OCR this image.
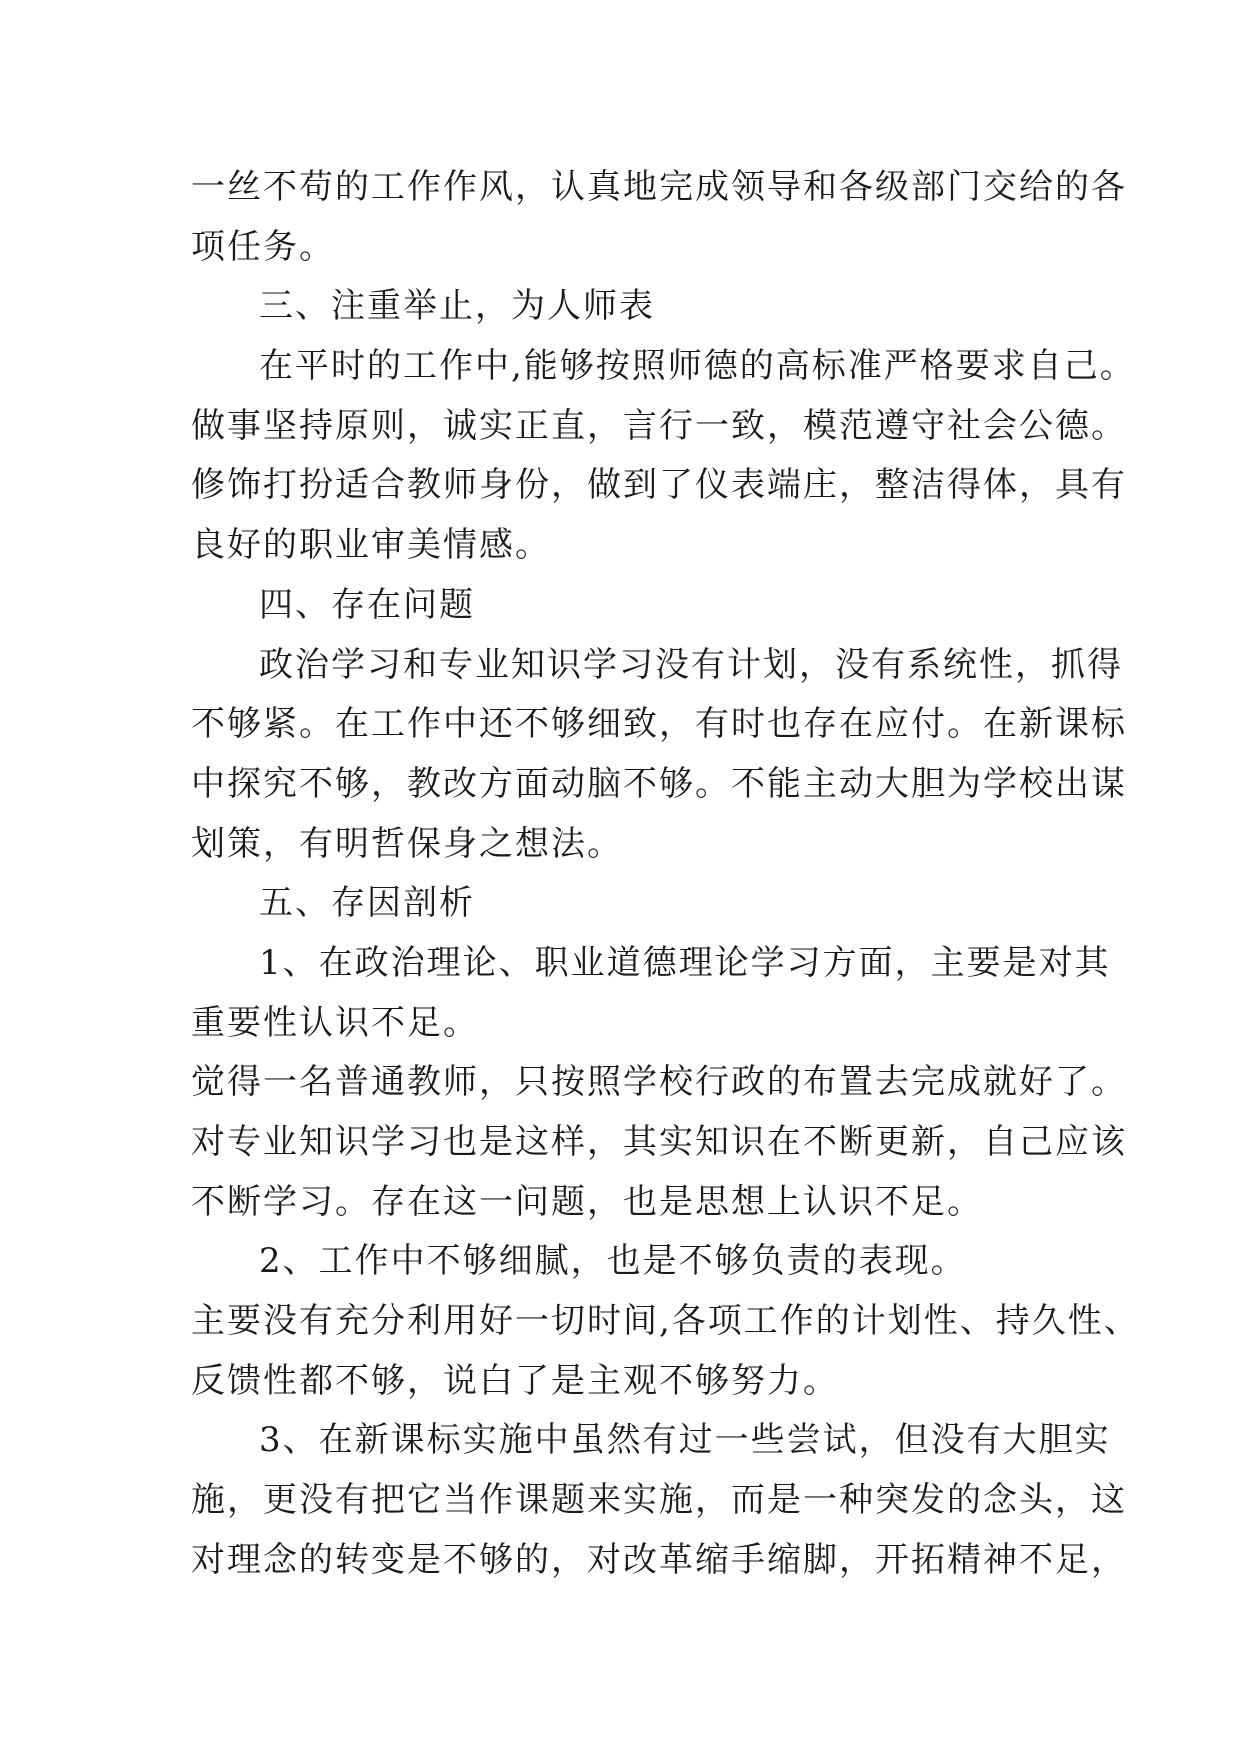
一丝不苟的工作作风，认真地完成领导和各级部门交给的各
项任务。
三、注重举止，为人师表
在平时的工作中,能够按照师德的高标准严格要求自己。
做事坚持原则，诚实正直，言行一致，模范遵守社会公德。
修饰打扮适合教师身份，做到了仪表端庄，整洁得体，具有
良好的职业审美情感。
四、存在问题
政治学习和专业知识学习没有计划，没有系统性，抓得
不够紧。在工作中还不够细致，有时也存在应付。在新课标
中探究不够，教改方面动脑不够。不能主动大胆为学校出谋
划策，有明哲保身之想法。
五、存因剖析
1、在政治理论、职业道德理论学习方面，主要是对其
重要性认识不足。
觉得一名普通教师，只按照学校行政的布置去完成就好了。
对专业知识学习也是这样，其实知识在不断更新，自己应该
不断学习。存在这一问题，也是思想上认识不足。
2、工作中不够细腻，也是不够负责的表现。
主要没有充分利用好一切时间,各项工作的计划性、持久性、
反馈性都不够，说白了是主观不够努力。
3、在新课标实施中虽然有过一些尝试，但没有大胆实
施，更没有把它当作课题来实施，而是一种突发的念头，这
对理念的转变是不够的，对改革缩手缩脚，开拓精神不足，
